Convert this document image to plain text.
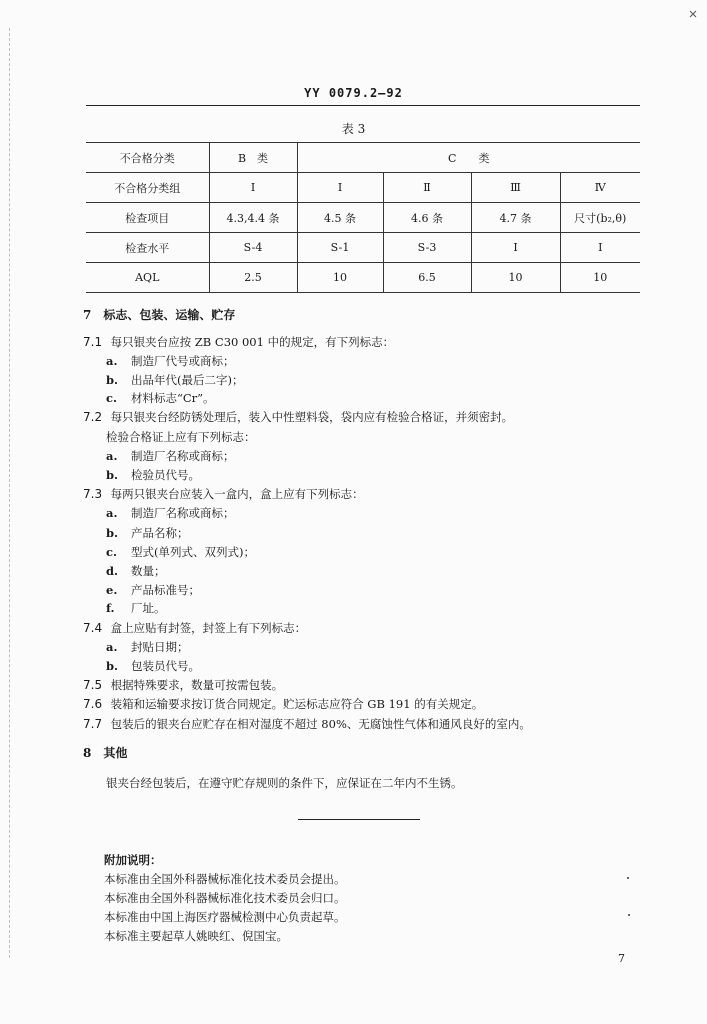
YY 0079.2—92
表 3
不合格分类	B　类	C　　类			
不合格分类组	Ⅰ	Ⅰ	Ⅱ	Ⅲ	Ⅳ
检查项目	4.3,4.4 条	4.5 条	4.6 条	4.7 条	尺寸(b₂,θ)
检查水平	S-4	S-1	S-3	Ⅰ	Ⅰ
AQL	2.5	10	6.5	10	10
7　标志、包装、运输、贮存
7.1 每只银夹台应按 ZB C30 001 中的规定，有下列标志：
a. 制造厂代号或商标；
b. 出品年代(最后二字)；
c. 材料标志“Cr”。
7.2 每只银夹台经防锈处理后，装入中性塑料袋，袋内应有检验合格证，并须密封。
检验合格证上应有下列标志：
a. 制造厂名称或商标；
b. 检验员代号。
7.3 每两只银夹台应装入一盒内，盒上应有下列标志：
a. 制造厂名称或商标；
b. 产品名称；
c. 型式(单列式、双列式)；
d. 数量；
e. 产品标准号；
f. 厂址。
7.4 盒上应贴有封签，封签上有下列标志：
a. 封贴日期；
b. 包装员代号。
7.5 根据特殊要求，数量可按需包装。
7.6 装箱和运输要求按订货合同规定。贮运标志应符合 GB 191 的有关规定。
7.7 包装后的银夹台应贮存在相对湿度不超过 80%、无腐蚀性气体和通风良好的室内。
8　其他
银夹台经包装后，在遵守贮存规则的条件下，应保证在二年内不生锈。
附加说明：
本标准由全国外科器械标准化技术委员会提出。
本标准由全国外科器械标准化技术委员会归口。
本标准由中国上海医疗器械检测中心负责起草。
本标准主要起草人姚映红、倪国宝。
7
